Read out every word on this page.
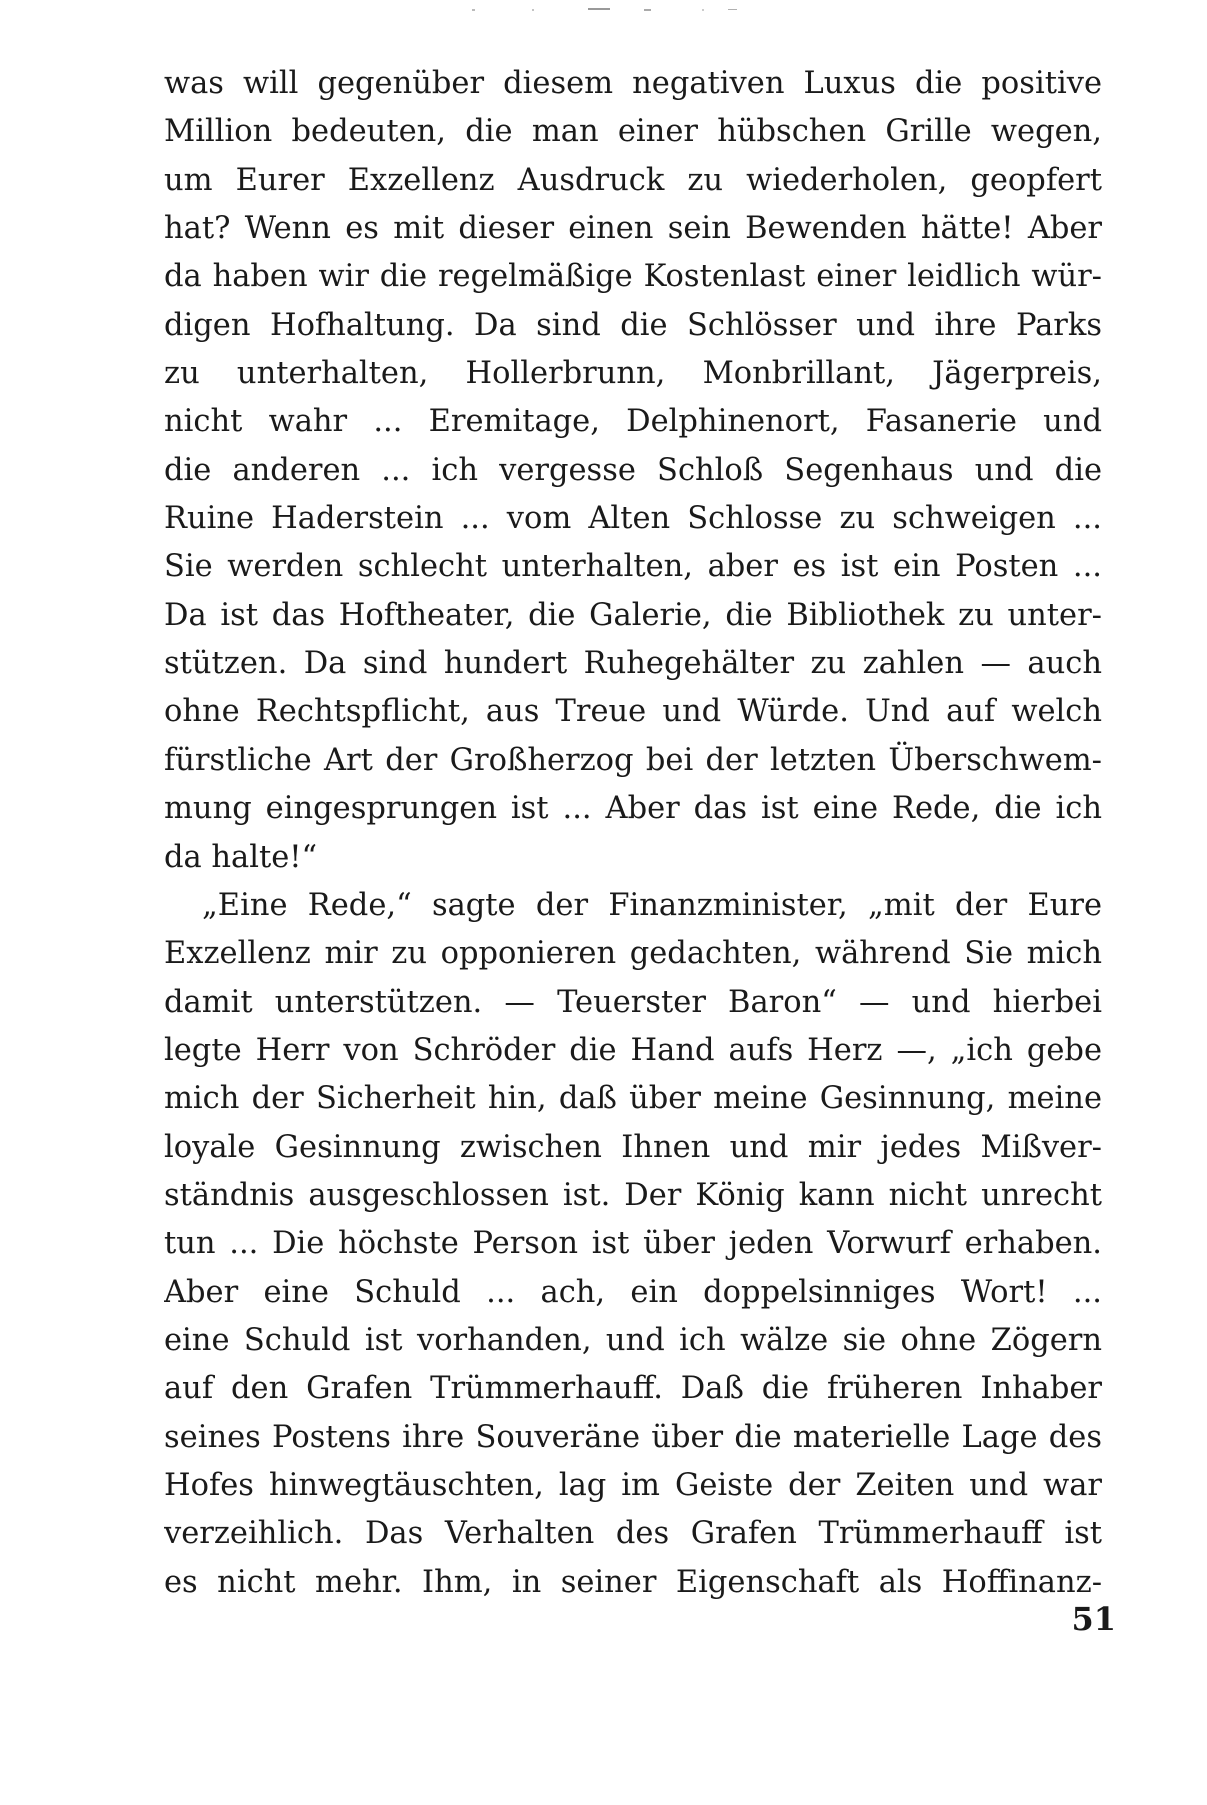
was will gegenüber diesem negativen Luxus die positive
Million bedeuten, die man einer hübschen Grille wegen,
um Eurer Exzellenz Ausdruck zu wiederholen, geopfert
hat? Wenn es mit dieser einen sein Bewenden hätte! Aber
da haben wir die regelmäßige Kostenlast einer leidlich wür-
digen Hofhaltung. Da sind die Schlösser und ihre Parks
zu unterhalten, Hollerbrunn, Monbrillant, Jägerpreis,
nicht wahr ... Eremitage, Delphinenort, Fasanerie und
die anderen ... ich vergesse Schloß Segenhaus und die
Ruine Haderstein ... vom Alten Schlosse zu schweigen ...
Sie werden schlecht unterhalten, aber es ist ein Posten ...
Da ist das Hoftheater, die Galerie, die Bibliothek zu unter-
stützen. Da sind hundert Ruhegehälter zu zahlen — auch
ohne Rechtspflicht, aus Treue und Würde. Und auf welch
fürstliche Art der Großherzog bei der letzten Überschwem-
mung eingesprungen ist ... Aber das ist eine Rede, die ich
da halte!“
„Eine Rede,“ sagte der Finanzminister, „mit der Eure
Exzellenz mir zu opponieren gedachten, während Sie mich
damit unterstützen. — Teuerster Baron“ — und hierbei
legte Herr von Schröder die Hand aufs Herz —, „ich gebe
mich der Sicherheit hin, daß über meine Gesinnung, meine
loyale Gesinnung zwischen Ihnen und mir jedes Mißver-
ständnis ausgeschlossen ist. Der König kann nicht unrecht
tun ... Die höchste Person ist über jeden Vorwurf erhaben.
Aber eine Schuld ... ach, ein doppelsinniges Wort! ...
eine Schuld ist vorhanden, und ich wälze sie ohne Zögern
auf den Grafen Trümmerhauff. Daß die früheren Inhaber
seines Postens ihre Souveräne über die materielle Lage des
Hofes hinwegtäuschten, lag im Geiste der Zeiten und war
verzeihlich. Das Verhalten des Grafen Trümmerhauff ist
es nicht mehr. Ihm, in seiner Eigenschaft als Hoffinanz-
51
